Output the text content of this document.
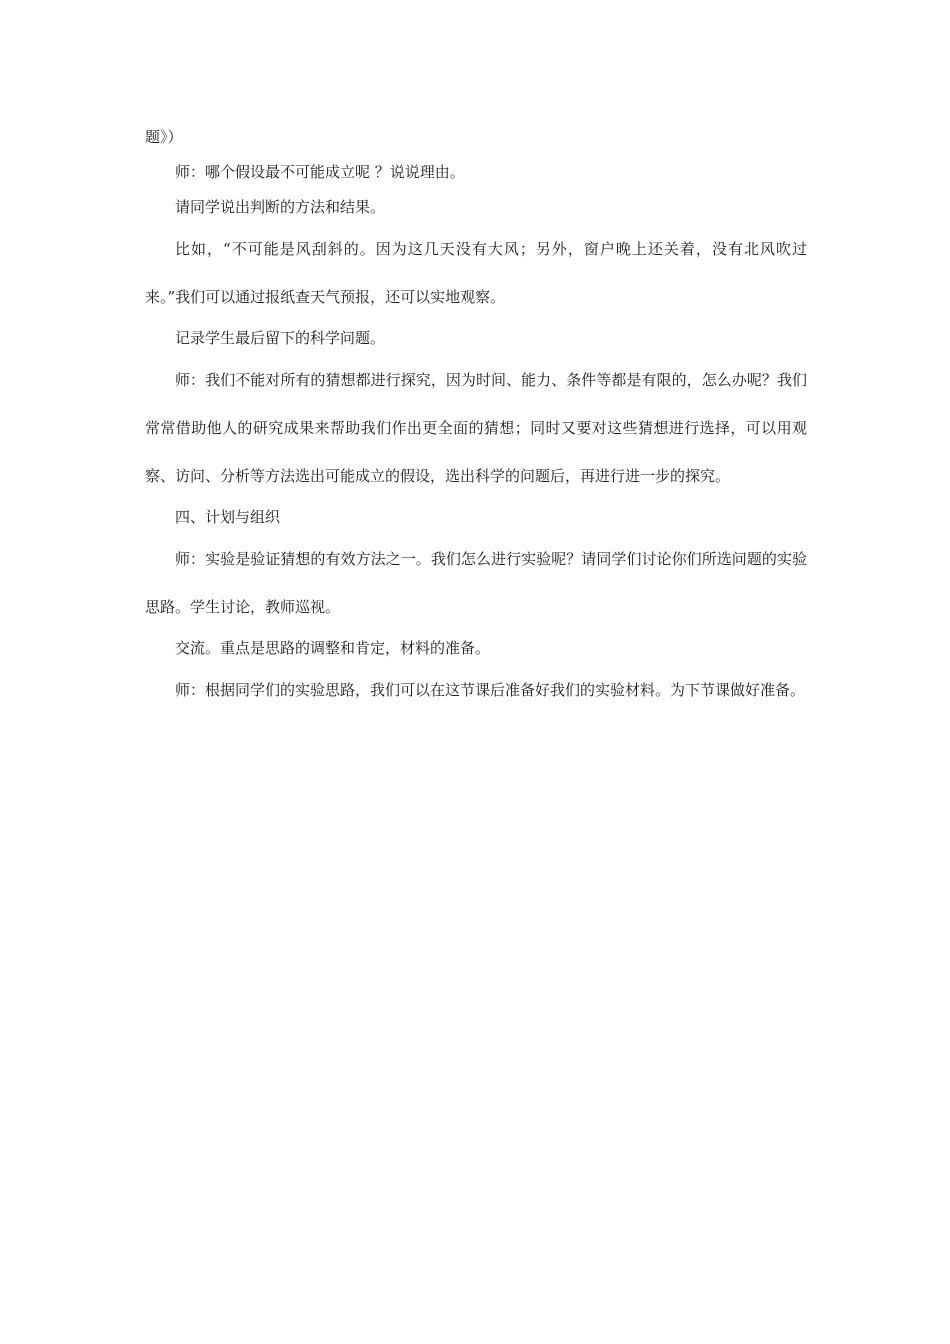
题》）

师：哪个假设最不可能成立呢 ？说说理由。

请同学说出判断的方法和结果。

比如，“不可能是风刮斜的。因为这几天没有大风；另外，窗户晚上还关着，没有北风吹过来。”我们可以通过报纸查天气预报，还可以实地观察。

记录学生最后留下的科学问题。

师：我们不能对所有的猜想都进行探究，因为时间、能力、条件等都是有限的，怎么办呢？我们常常借助他人的研究成果来帮助我们作出更全面的猜想；同时又要对这些猜想进行选择，可以用观察、访问、分析等方法选出可能成立的假设，选出科学的问题后，再进行进一步的探究。

四、计划与组织

师：实验是验证猜想的有效方法之一。我们怎么进行实验呢？请同学们讨论你们所选问题的实验思路。学生讨论，教师巡视。

交流。重点是思路的调整和肯定，材料的准备。

师：根据同学们的实验思路，我们可以在这节课后准备好我们的实验材料。为下节课做好准备。
